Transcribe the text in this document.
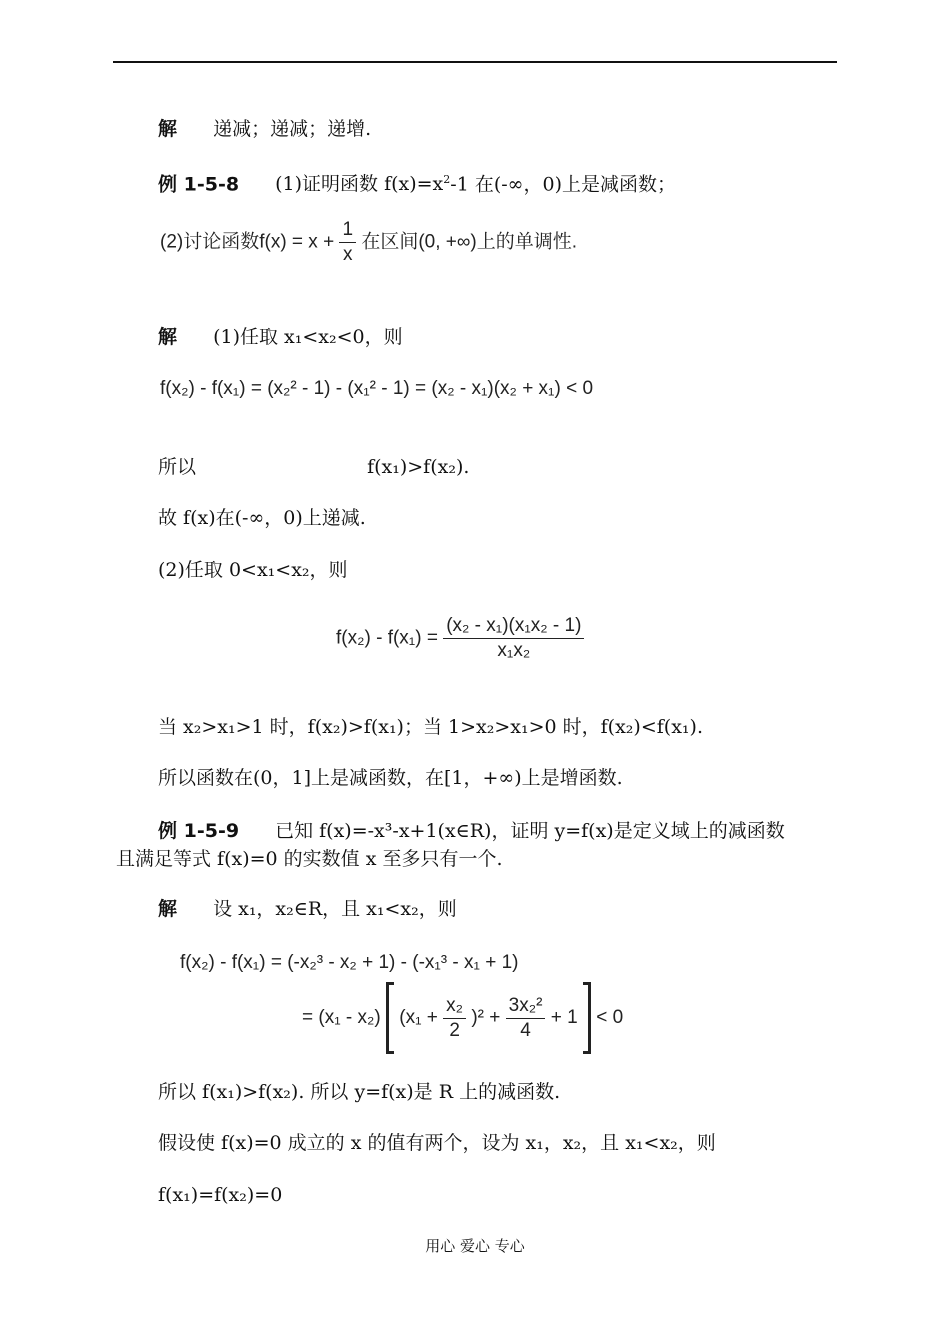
解 递减；递减；递增.
例 1-5-8 (1)证明函数 $f(x)=x^2-1$ 在(-∞，0)上是减函数；
(2)讨论函数$f(x) = x + \frac{1}{x}$ 在区间(0, +∞)上的单调性.
解 (1)任取 x₁<x₂<0，则
f(x₂) - f(x₁) = (x₂² - 1) - (x₁² - 1) = (x₂ - x₁)(x₂ + x₁) < 0
所以	f(x₁)>f(x₂).
故 f(x)在(-∞，0)上递减.
(2)任取 0<x₁<x₂，则
$f(x_2) - f(x_1) = \frac{\text{(x₂ - x₁)(x₁x₂ - 1)}}{\text{x₁x₂}}$
当 x₂>x₁>1 时，f(x₂)>f(x₁)；当 1>x₂>x₁>0 时，f(x₂)<f(x₁).
所以函数在(0，1]上是减函数，在[1，+∞)上是增函数.
例 1-5-9 已知 f(x)=-x³-x+1(x∈R)，证明 y=f(x)是定义域上的减函数
且满足等式 f(x)=0 的实数值 x 至多只有一个.
解 设 x₁，x₂∈R，且 x₁<x₂，则
f(x₂) - f(x₁) = (-x₂³ - x₂ + 1) - (-x₁³ - x₁ + 1)
= (x₁ - x₂) $(x_1 + \frac{\text{x₂}}{2} )^2 + \frac{\text{3x₂²}}{4} + 1 < 0$
所以 f(x₁)>f(x₂). 所以 y=f(x)是 R 上的减函数.
假设使 f(x)=0 成立的 x 的值有两个，设为 x₁，x₂，且 x₁<x₂，则
f(x₁)=f(x₂)=0
用心 爱心 专心
